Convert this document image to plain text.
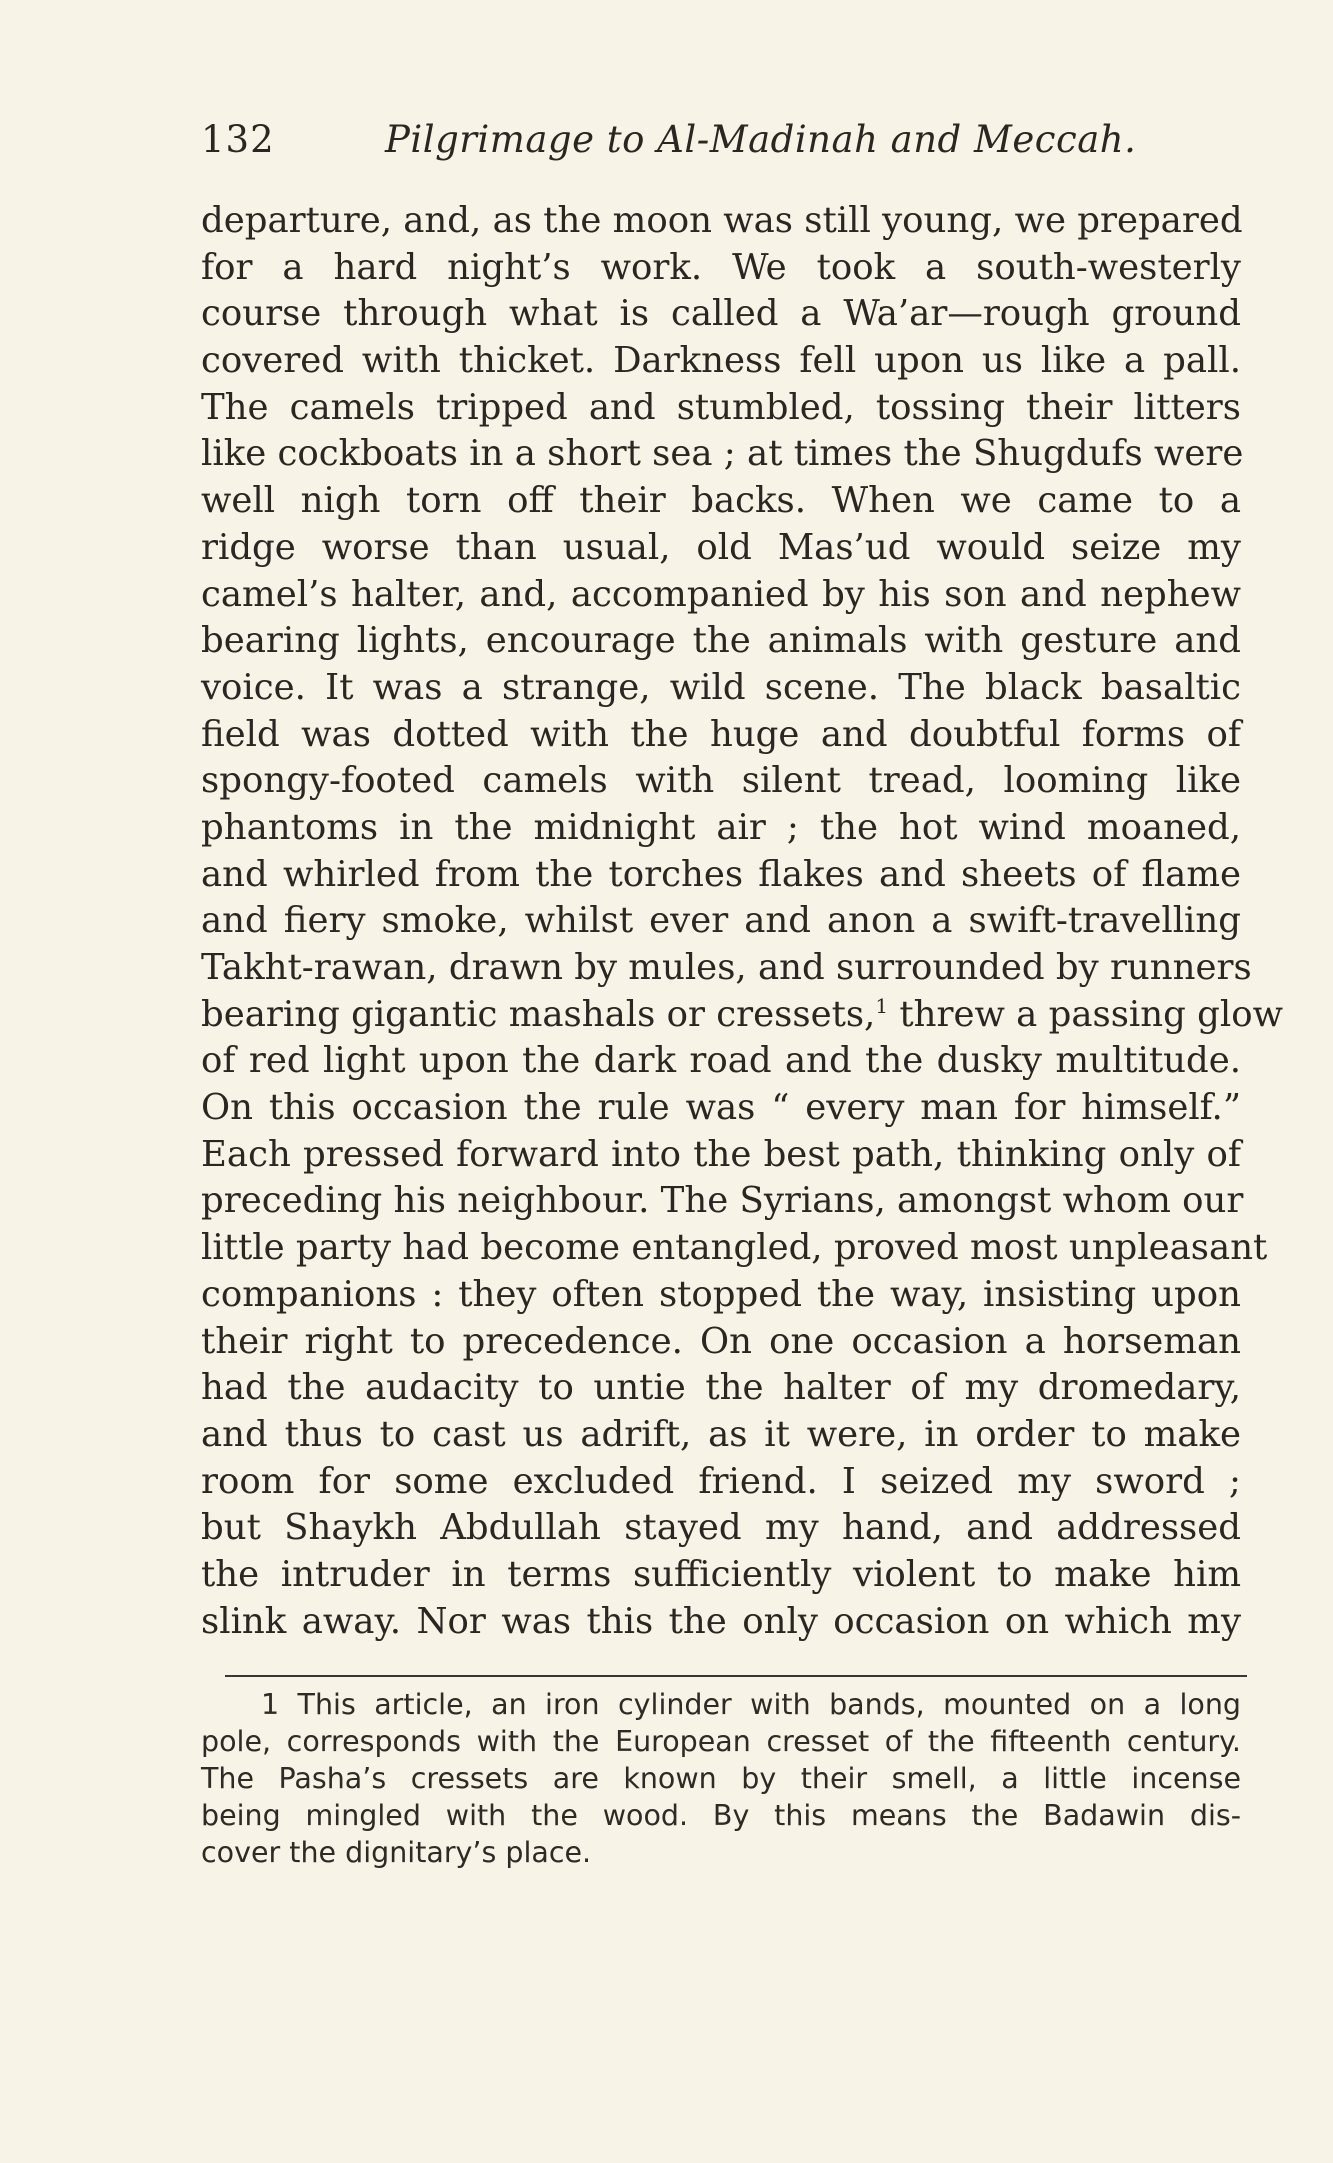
132	Pilgrimage to Al-Madinah and Meccah.
departure, and, as the moon was still young, we prepared
for a hard night’s work. We took a south-westerly
course through what is called a Wa’ar—rough ground
covered with thicket. Darkness fell upon us like a pall.
The camels tripped and stumbled, tossing their litters
like cockboats in a short sea ; at times the Shugdufs were
well nigh torn off their backs. When we came to a
ridge worse than usual, old Mas’ud would seize my
camel’s halter, and, accompanied by his son and nephew
bearing lights, encourage the animals with gesture and
voice. It was a strange, wild scene. The black basaltic
field was dotted with the huge and doubtful forms of
spongy-footed camels with silent tread, looming like
phantoms in the midnight air ; the hot wind moaned,
and whirled from the torches flakes and sheets of flame
and fiery smoke, whilst ever and anon a swift-travelling
Takht-rawan, drawn by mules, and surrounded by runners
bearing gigantic mashals or cressets,$^1$ threw a passing glow
of red light upon the dark road and the dusky multitude.
On this occasion the rule was “ every man for himself.”
Each pressed forward into the best path, thinking only of
preceding his neighbour. The Syrians, amongst whom our
little party had become entangled, proved most unpleasant
companions : they often stopped the way, insisting upon
their right to precedence. On one occasion a horseman
had the audacity to untie the halter of my dromedary,
and thus to cast us adrift, as it were, in order to make
room for some excluded friend. I seized my sword ;
but Shaykh Abdullah stayed my hand, and addressed
the intruder in terms sufficiently violent to make him
slink away. Nor was this the only occasion on which my
1 This article, an iron cylinder with bands, mounted on a long
pole, corresponds with the European cresset of the fifteenth century.
The Pasha’s cressets are known by their smell, a little incense
being mingled with the wood. By this means the Badawin dis-
cover the dignitary’s place.
